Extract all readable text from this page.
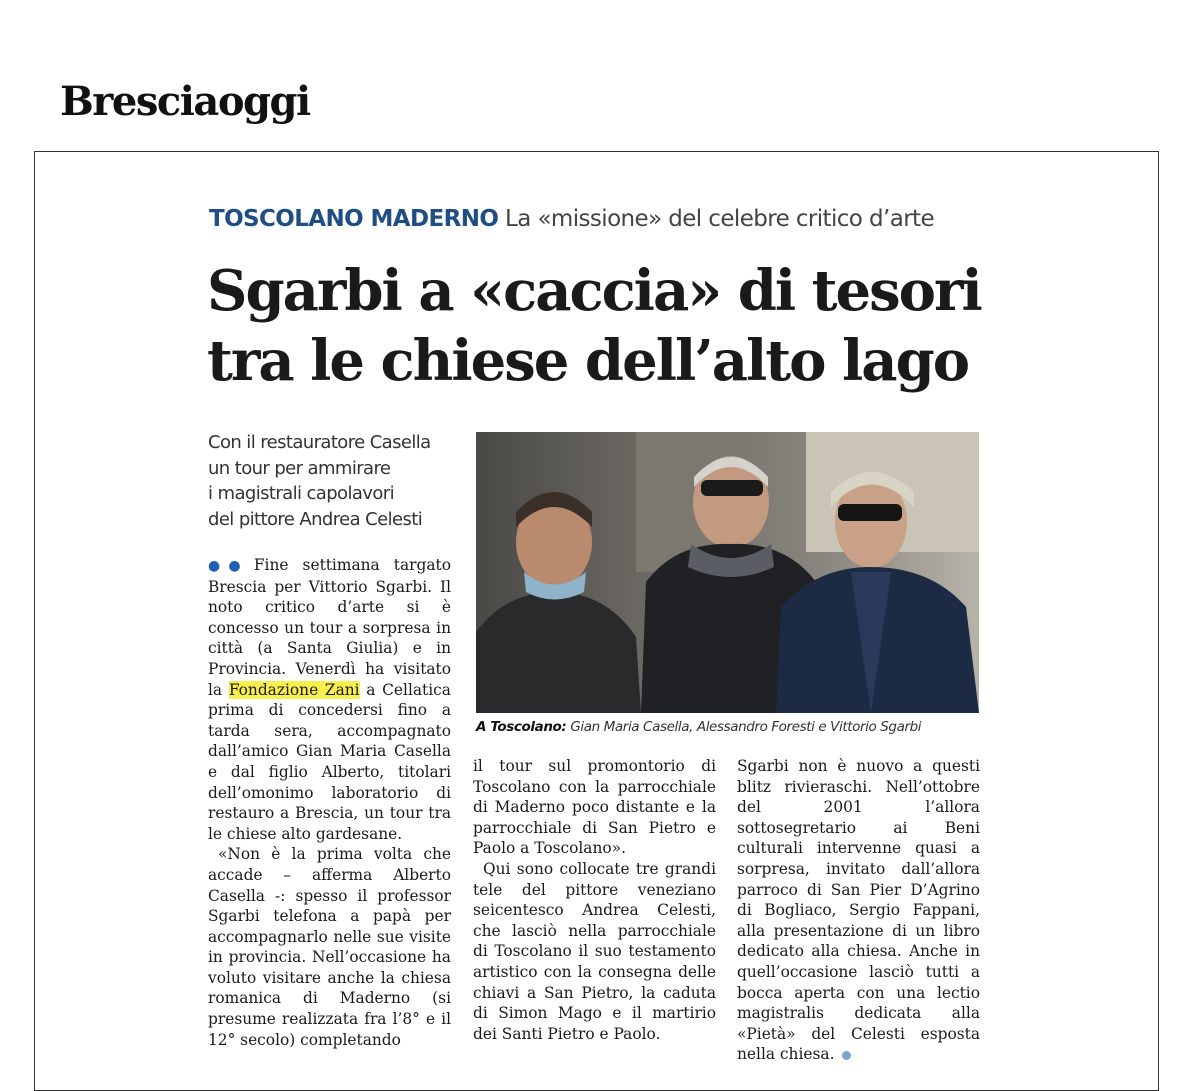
Bresciaoggi
TOSCOLANO MADERNO La «missione» del celebre critico d’arte
Sgarbi a «caccia» di tesori
tra le chiese dell’alto lago
Con il restauratore Casella
un tour per ammirare
i magistrali capolavori
del pittore Andrea Celesti
A Toscolano: Gian Maria Casella, Alessandro Foresti e Vittorio Sgarbi

●● Fine settimana targato Brescia per Vittorio Sgarbi. Il noto critico d’arte si è concesso un tour a sorpresa in città (a Santa Giulia) e in Provincia. Venerdì ha visitato la Fondazione Zani a Cellatica prima di concedersi fino a tarda sera, accompagnato dall’amico Gian Maria Casella e dal figlio Alberto, titolari dell’omonimo laboratorio di restauro a Brescia, un tour tra le chiese alto gardesane.

«Non è la prima volta che accade – afferma Alberto Casella -: spesso il professor Sgarbi telefona a papà per accompagnarlo nelle sue visite in provincia. Nell’occasione ha voluto visitare anche la chiesa romanica di Maderno (si presume realizzata fra l’8° e il 12° secolo) completando

il tour sul promontorio di Toscolano con la parrocchiale di Maderno poco distante e la parrocchiale di San Pietro e Paolo a Toscolano».

Qui sono collocate tre grandi tele del pittore veneziano seicentesco Andrea Celesti, che lasciò nella parrocchiale di Toscolano il suo testamento artistico con la consegna delle chiavi a San Pietro, la caduta di Simon Mago e il martirio dei Santi Pietro e Paolo.

Sgarbi non è nuovo a questi blitz rivieraschi. Nell’ottobre del 2001 l’allora sottosegretario ai Beni culturali intervenne quasi a sorpresa, invitato dall’allora parroco di San Pier D’Agrino di Bogliaco, Sergio Fappani, alla presentazione di un libro dedicato alla chiesa. Anche in quell’occasione lasciò tutti a bocca aperta con una lectio magistralis dedicata alla «Pietà» del Celesti esposta nella chiesa.
